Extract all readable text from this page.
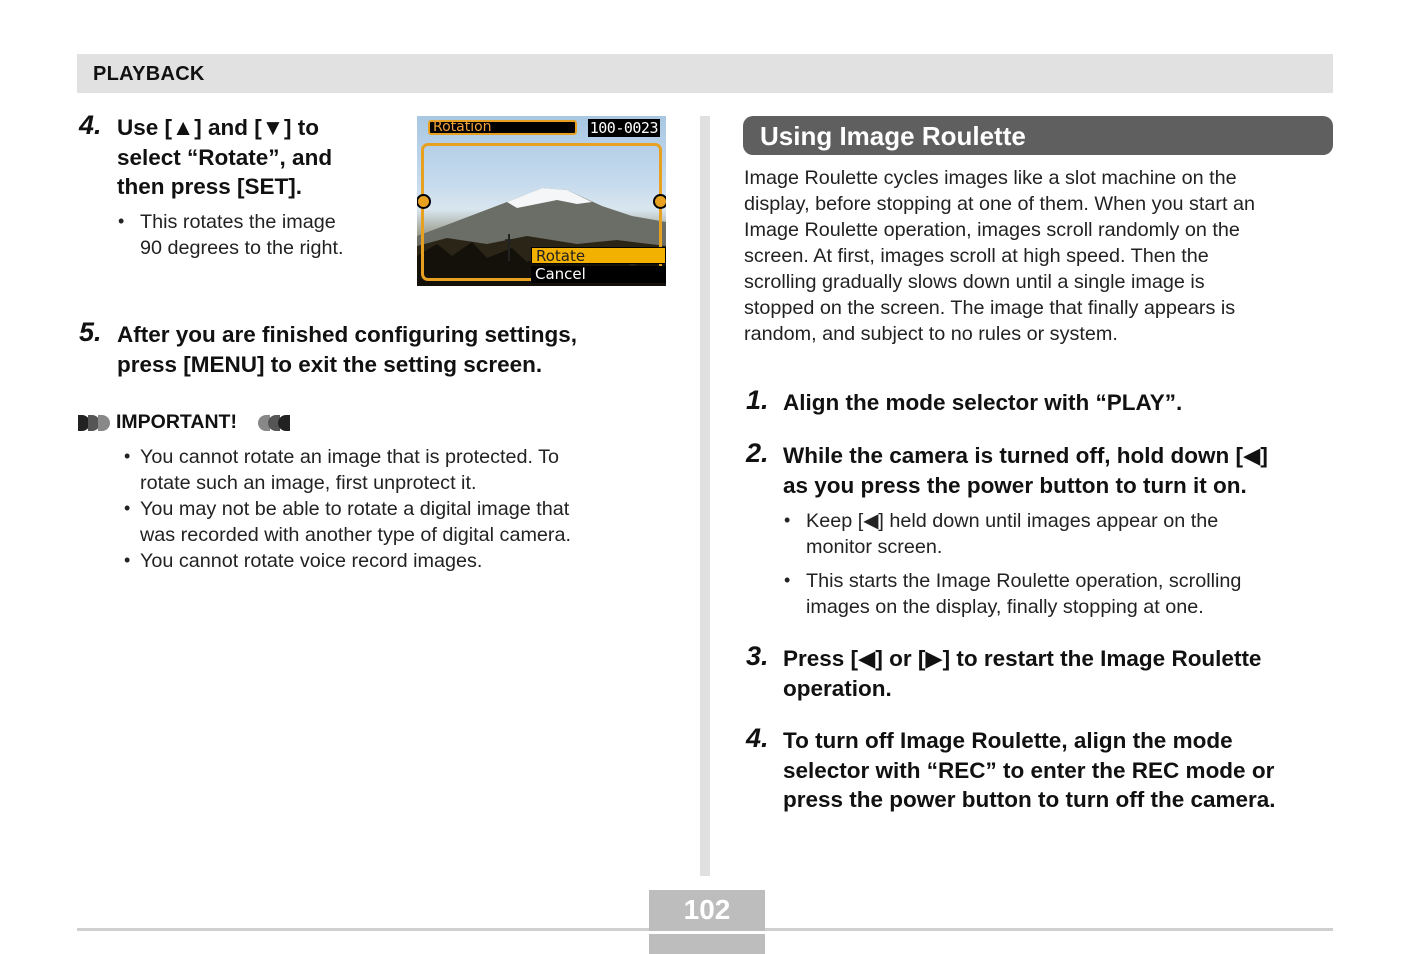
PLAYBACK
4. Use [▲] and [▼] to
select “Rotate”, and
then press [SET].
• This rotates the image
90 degrees to the right.
Rotation	100-0023
Rotate
Cancel
5. After you are finished configuring settings,
press [MENU] to exit the setting screen.
IMPORTANT!
• You cannot rotate an image that is protected. To
rotate such an image, first unprotect it.
• You may not be able to rotate a digital image that
was recorded with another type of digital camera.
• You cannot rotate voice record images.
Using Image Roulette
Image Roulette cycles images like a slot machine on the
display, before stopping at one of them. When you start an
Image Roulette operation, images scroll randomly on the
screen. At first, images scroll at high speed. Then the
scrolling gradually slows down until a single image is
stopped on the screen. The image that finally appears is
random, and subject to no rules or system.
1. Align the mode selector with “PLAY”.
2. While the camera is turned off, hold down [◀]
as you press the power button to turn it on.
• Keep [◀] held down until images appear on the
monitor screen.
• This starts the Image Roulette operation, scrolling
images on the display, finally stopping at one.
3. Press [◀] or [▶] to restart the Image Roulette
operation.
4. To turn off Image Roulette, align the mode
selector with “REC” to enter the REC mode or
press the power button to turn off the camera.
102
